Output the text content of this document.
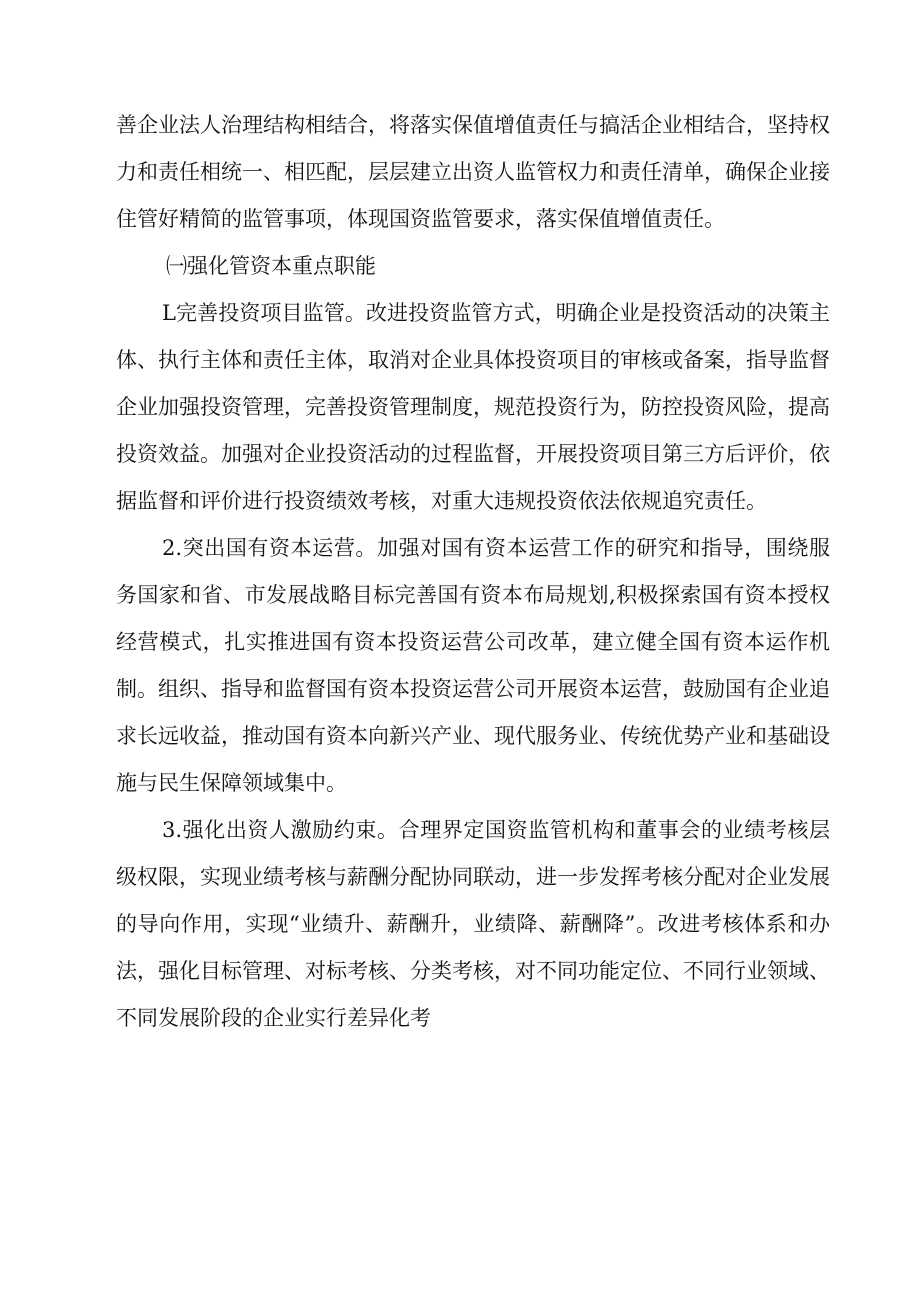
善企业法人治理结构相结合，将落实保值增值责任与搞活企业相结合，坚持权力和责任相统一、相匹配，层层建立出资人监管权力和责任清单，确保企业接住管好精简的监管事项，体现国资监管要求，落实保值增值责任。

㈠强化管资本重点职能

L完善投资项目监管。改进投资监管方式，明确企业是投资活动的决策主体、执行主体和责任主体，取消对企业具体投资项目的审核或备案，指导监督企业加强投资管理，完善投资管理制度，规范投资行为，防控投资风险，提高投资效益。加强对企业投资活动的过程监督，开展投资项目第三方后评价，依据监督和评价进行投资绩效考核，对重大违规投资依法依规追究责任。

2.突出国有资本运营。加强对国有资本运营工作的研究和指导，围绕服务国家和省、市发展战略目标完善国有资本布局规划,积极探索国有资本授权经营模式，扎实推进国有资本投资运营公司改革，建立健全国有资本运作机制。组织、指导和监督国有资本投资运营公司开展资本运营，鼓励国有企业追求长远收益，推动国有资本向新兴产业、现代服务业、传统优势产业和基础设施与民生保障领域集中。

3.强化出资人激励约束。合理界定国资监管机构和董事会的业绩考核层级权限，实现业绩考核与薪酬分配协同联动，进一步发挥考核分配对企业发展的导向作用，实现“业绩升、薪酬升，业绩降、薪酬降”。改进考核体系和办法，强化目标管理、对标考核、分类考核，对不同功能定位、不同行业领域、不同发展阶段的企业实行差异化考
